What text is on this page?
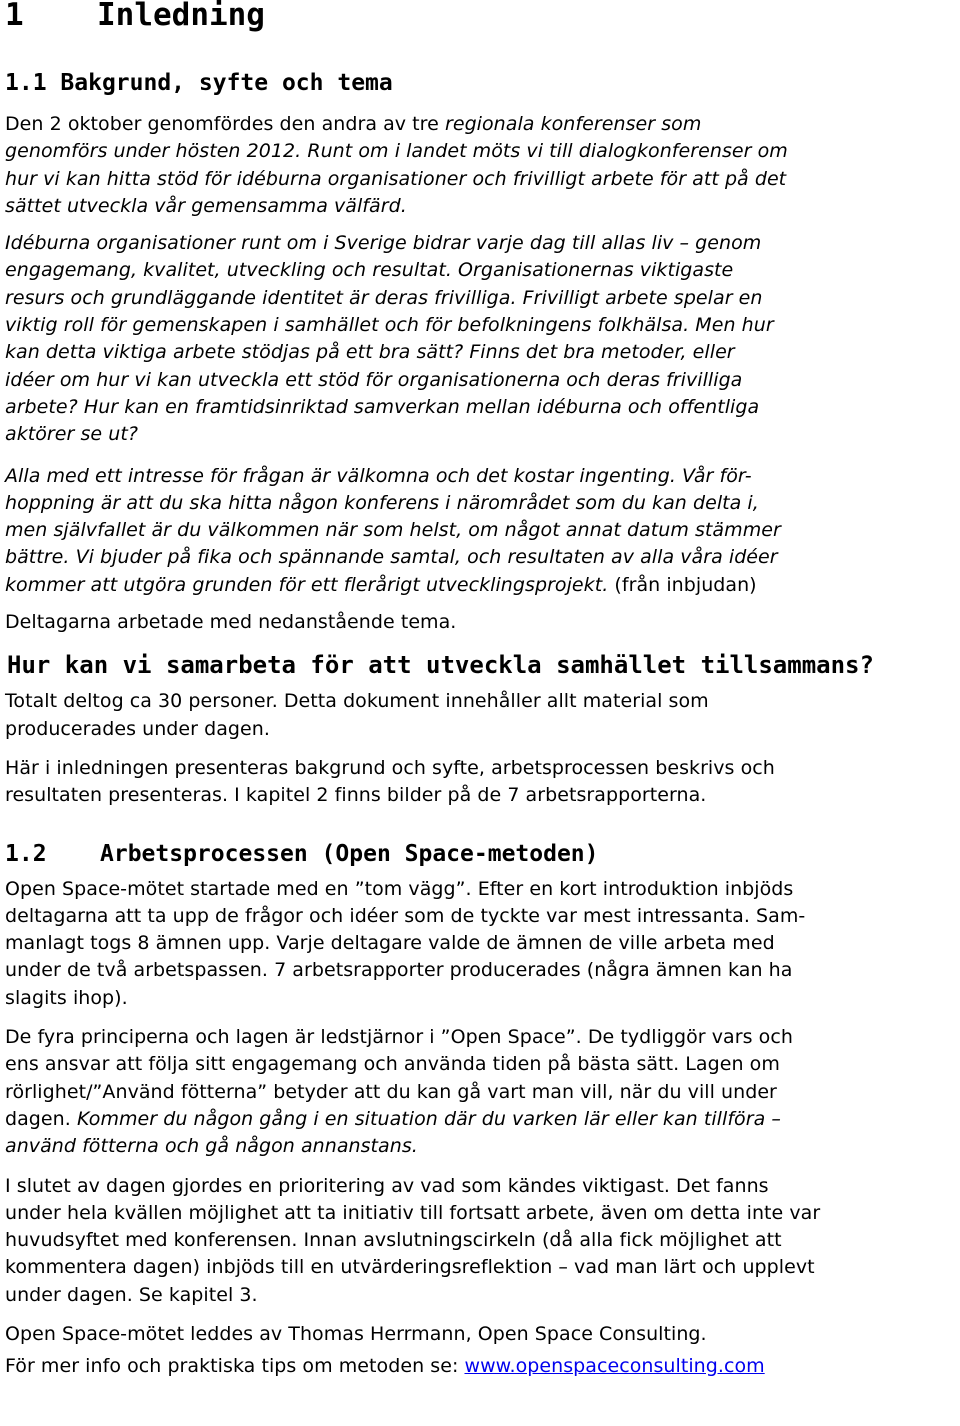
1 Inledning
1.1 Bakgrund, syfte och tema
Den 2 oktober genomfördes den andra av tre regionala konferenser som
genomförs under hösten 2012. Runt om i landet möts vi till dialogkonferenser om
hur vi kan hitta stöd för idéburna organisationer och frivilligt arbete för att på det
sättet utveckla vår gemensamma välfärd.
Idéburna organisationer runt om i Sverige bidrar varje dag till allas liv – genom
engagemang, kvalitet, utveckling och resultat. Organisationernas viktigaste
resurs och grundläggande identitet är deras frivilliga. Frivilligt arbete spelar en
viktig roll för gemenskapen i samhället och för befolkningens folkhälsa. Men hur
kan detta viktiga arbete stödjas på ett bra sätt? Finns det bra metoder, eller
idéer om hur vi kan utveckla ett stöd för organisationerna och deras frivilliga
arbete? Hur kan en framtidsinriktad samverkan mellan idéburna och offentliga
aktörer se ut?
Alla med ett intresse för frågan är välkomna och det kostar ingenting. Vår för-
hoppning är att du ska hitta någon konferens i närområdet som du kan delta i,
men självfallet är du välkommen när som helst, om något annat datum stämmer
bättre. Vi bjuder på fika och spännande samtal, och resultaten av alla våra idéer
kommer att utgöra grunden för ett flerårigt utvecklingsprojekt. (från inbjudan)
Deltagarna arbetade med nedanstående tema.
Hur kan vi samarbeta för att utveckla samhället tillsammans?
Totalt deltog ca 30 personer. Detta dokument innehåller allt material som
producerades under dagen.
Här i inledningen presenteras bakgrund och syfte, arbetsprocessen beskrivs och
resultaten presenteras. I kapitel 2 finns bilder på de 7 arbetsrapporterna.
1.2 Arbetsprocessen (Open Space-metoden)
Open Space-mötet startade med en ”tom vägg”. Efter en kort introduktion inbjöds
deltagarna att ta upp de frågor och idéer som de tyckte var mest intressanta. Sam-
manlagt togs 8 ämnen upp. Varje deltagare valde de ämnen de ville arbeta med
under de två arbetspassen. 7 arbetsrapporter producerades (några ämnen kan ha
slagits ihop).
De fyra principerna och lagen är ledstjärnor i ”Open Space”. De tydliggör vars och
ens ansvar att följa sitt engagemang och använda tiden på bästa sätt. Lagen om
rörlighet/”Använd fötterna” betyder att du kan gå vart man vill, när du vill under
dagen. Kommer du någon gång i en situation där du varken lär eller kan tillföra –
använd fötterna och gå någon annanstans.
I slutet av dagen gjordes en prioritering av vad som kändes viktigast. Det fanns
under hela kvällen möjlighet att ta initiativ till fortsatt arbete, även om detta inte var
huvudsyftet med konferensen. Innan avslutningscirkeln (då alla fick möjlighet att
kommentera dagen) inbjöds till en utvärderingsreflektion – vad man lärt och upplevt
under dagen. Se kapitel 3.
Open Space-mötet leddes av Thomas Herrmann, Open Space Consulting.
För mer info och praktiska tips om metoden se: www.openspaceconsulting.com
